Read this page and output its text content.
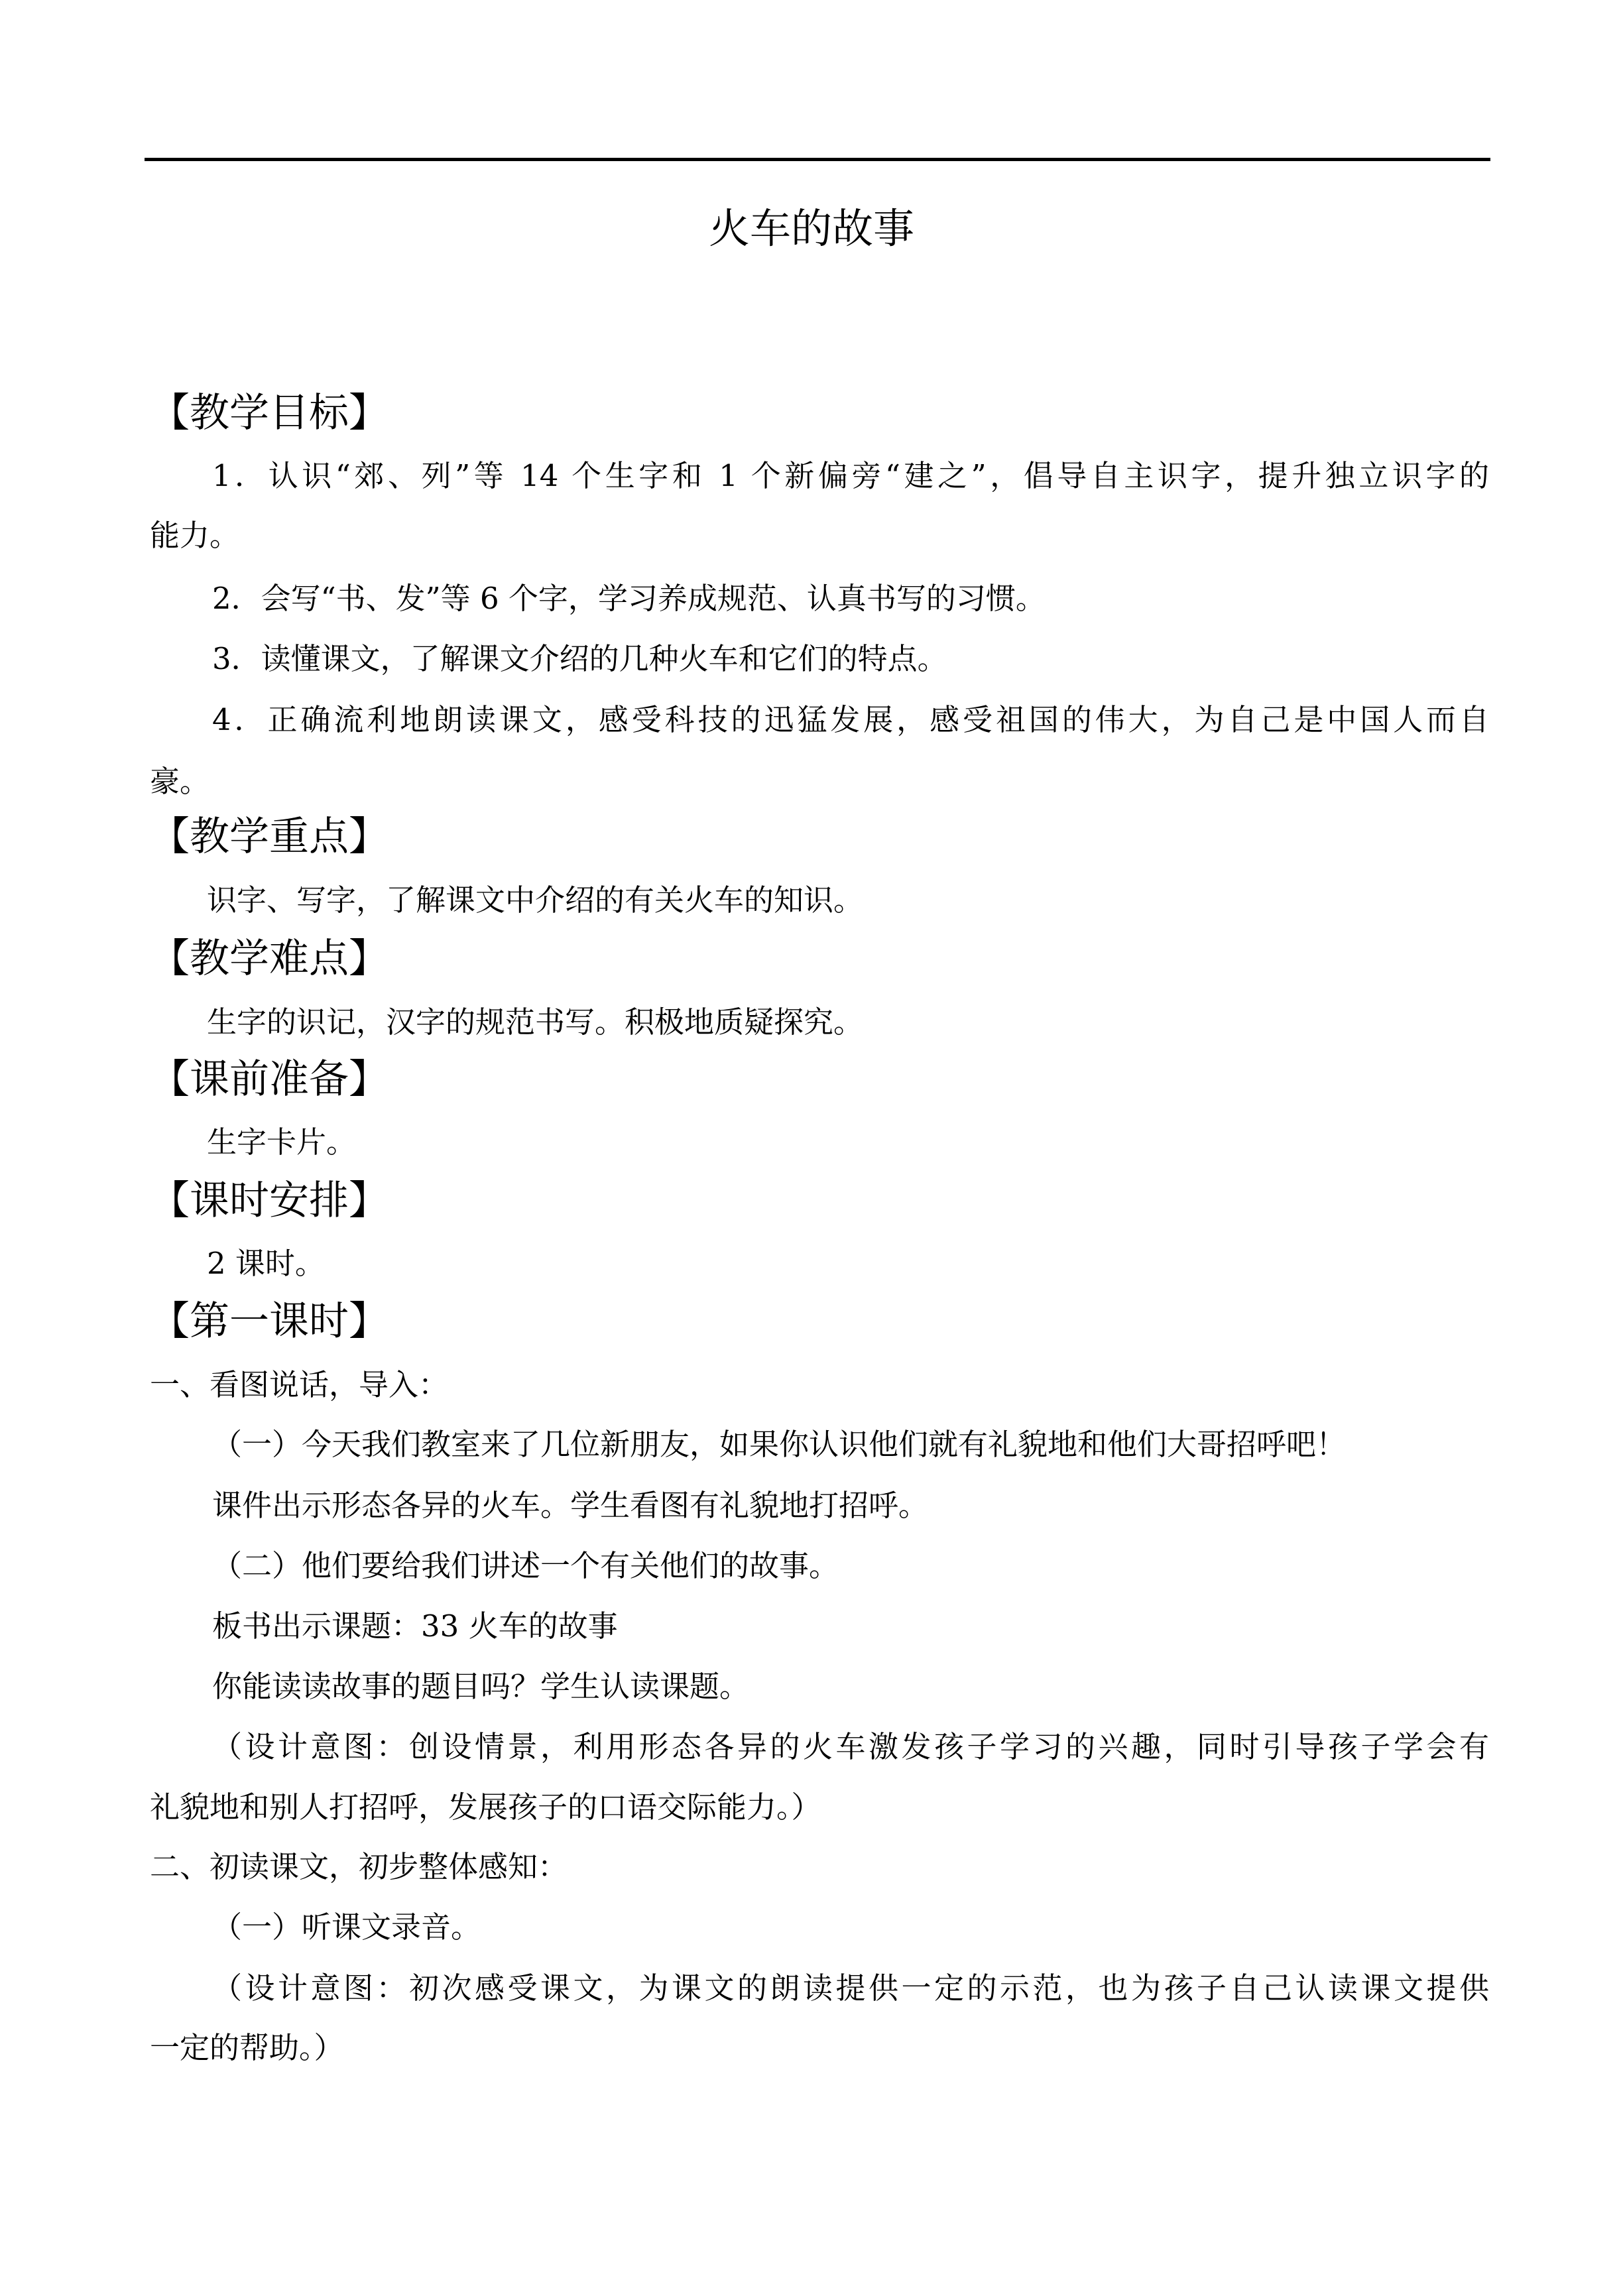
火车的故事
【教学目标】
1．认识“郊、列”等 14 个生字和 1 个新偏旁“建之”，倡导自主识字，提升独立识字的
能力。
2．会写“书、发”等 6 个字，学习养成规范、认真书写的习惯。
3．读懂课文，了解课文介绍的几种火车和它们的特点。
4．正确流利地朗读课文，感受科技的迅猛发展，感受祖国的伟大，为自己是中国人而自
豪。
【教学重点】
识字、写字，了解课文中介绍的有关火车的知识。
【教学难点】
生字的识记，汉字的规范书写。积极地质疑探究。
【课前准备】
生字卡片。
【课时安排】
2 课时。
【第一课时】
一、看图说话，导入：
（一）今天我们教室来了几位新朋友，如果你认识他们就有礼貌地和他们大哥招呼吧！
课件出示形态各异的火车。学生看图有礼貌地打招呼。
（二）他们要给我们讲述一个有关他们的故事。
板书出示课题：33 火车的故事
你能读读故事的题目吗？学生认读课题。
（设计意图：创设情景，利用形态各异的火车激发孩子学习的兴趣，同时引导孩子学会有
礼貌地和别人打招呼，发展孩子的口语交际能力。）
二、初读课文，初步整体感知：
（一）听课文录音。
（设计意图：初次感受课文，为课文的朗读提供一定的示范，也为孩子自己认读课文提供
一定的帮助。）
